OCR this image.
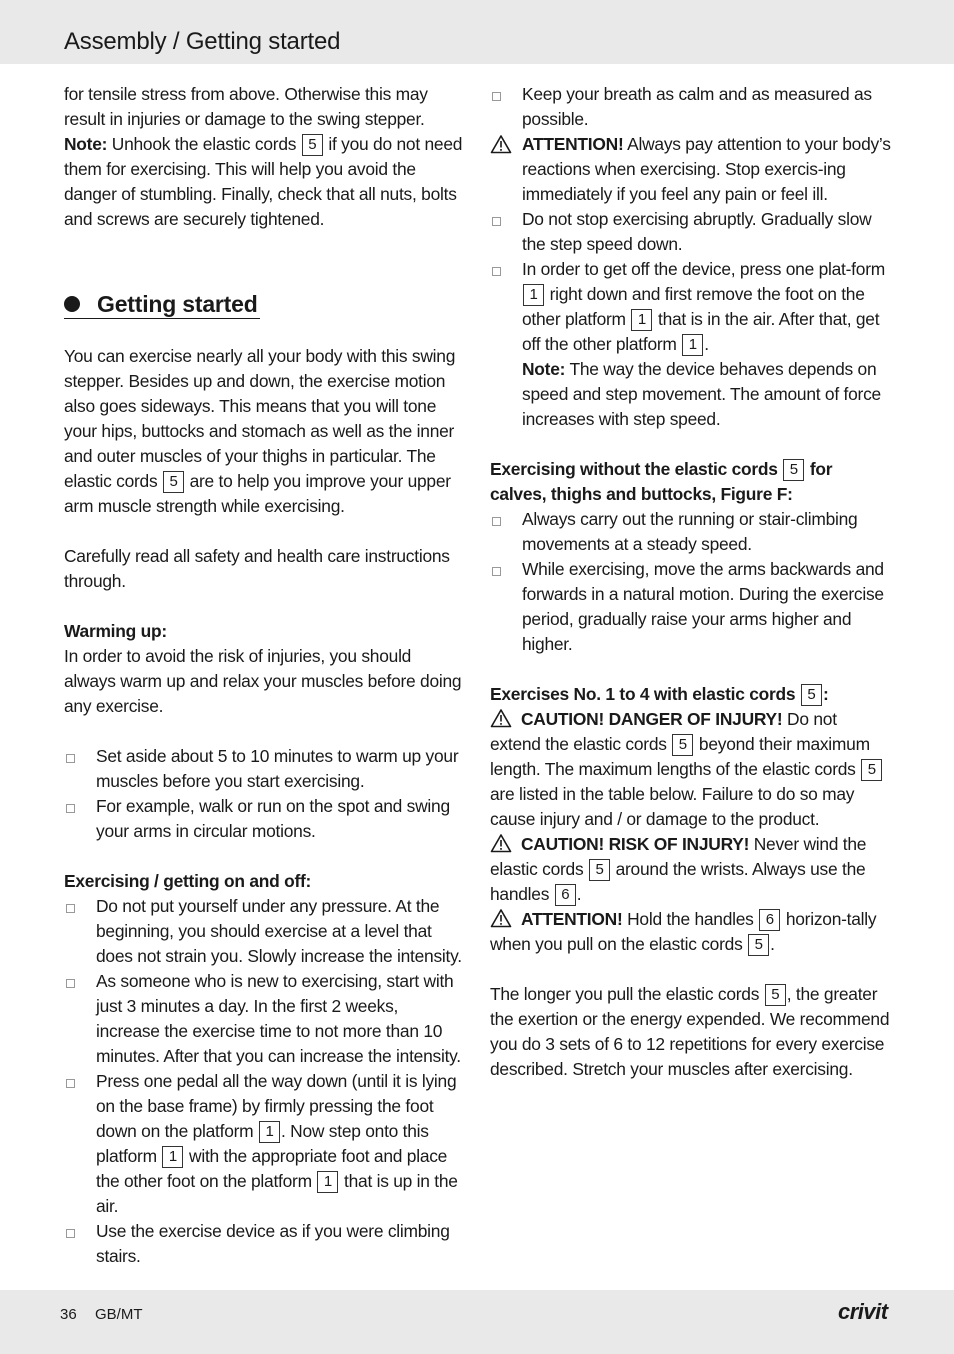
Assembly / Getting started

for tensile stress from above. Otherwise this may result in injuries or damage to the swing stepper.
Note: Unhook the elastic cords 5 if you do not need them for exercising. This will help you avoid the danger of stumbling. Finally, check that all nuts, bolts and screws are securely tightened.

Getting started

You can exercise nearly all your body with this swing stepper. Besides up and down, the exercise motion also goes sideways. This means that you will tone your hips, buttocks and stomach as well as the inner and outer muscles of your thighs in particular. The elastic cords 5 are to help you improve your upper arm muscle strength while exercising.

Carefully read all safety and health care instructions through.

Warming up:

In order to avoid the risk of injuries, you should always warm up and relax your muscles before doing any exercise.

Set aside about 5 to 10 minutes to warm up your muscles before you start exercising.
For example, walk or run on the spot and swing your arms in circular motions.

Exercising / getting on and off:

Do not put yourself under any pressure. At the beginning, you should exercise at a level that does not strain you. Slowly increase the intensity.
As someone who is new to exercising, start with just 3 minutes a day. In the first 2 weeks, increase the exercise time to not more than 10 minutes. After that you can increase the intensity.
Press one pedal all the way down (until it is lying on the base frame) by firmly pressing the foot down on the platform 1 . Now step onto this platform 1 with the appropriate foot and place the other foot on the platform 1 that is up in the air.
Use the exercise device as if you were climbing stairs.
Keep your breath as calm and as measured as possible.
ATTENTION! Always pay attention to your body’s reactions when exercising. Stop exercis-ing immediately if you feel any pain or feel ill.
Do not stop exercising abruptly. Gradually slow the step speed down.
In order to get off the device, press one plat-form 1 right down and first remove the foot on the other platform 1 that is in the air. After that, get off the other platform 1 .
Note: The way the device behaves depends on speed and step movement. The amount of force increases with step speed.

Exercising without the elastic cords 5 for calves, thighs and buttocks, Figure F:

Always carry out the running or stair-climbing movements at a steady speed.
While exercising, move the arms backwards and forwards in a natural motion. During the exercise period, gradually raise your arms higher and higher.

Exercises No. 1 to 4 with elastic cords 5 :

CAUTION! DANGER OF INJURY! Do not extend the elastic cords 5 beyond their maximum length. The maximum lengths of the elastic cords 5 are listed in the table below. Failure to do so may cause injury and / or damage to the product.

CAUTION! RISK OF INJURY! Never wind the elastic cords 5 around the wrists. Always use the handles 6 .

ATTENTION! Hold the handles 6 horizon-tally when you pull on the elastic cords 5 .

The longer you pull the elastic cords 5 , the greater the exertion or the energy expended. We recommend you do 3 sets of 6 to 12 repetitions for every exercise described. Stretch your muscles after exercising.

36 GB/MT	crivit
